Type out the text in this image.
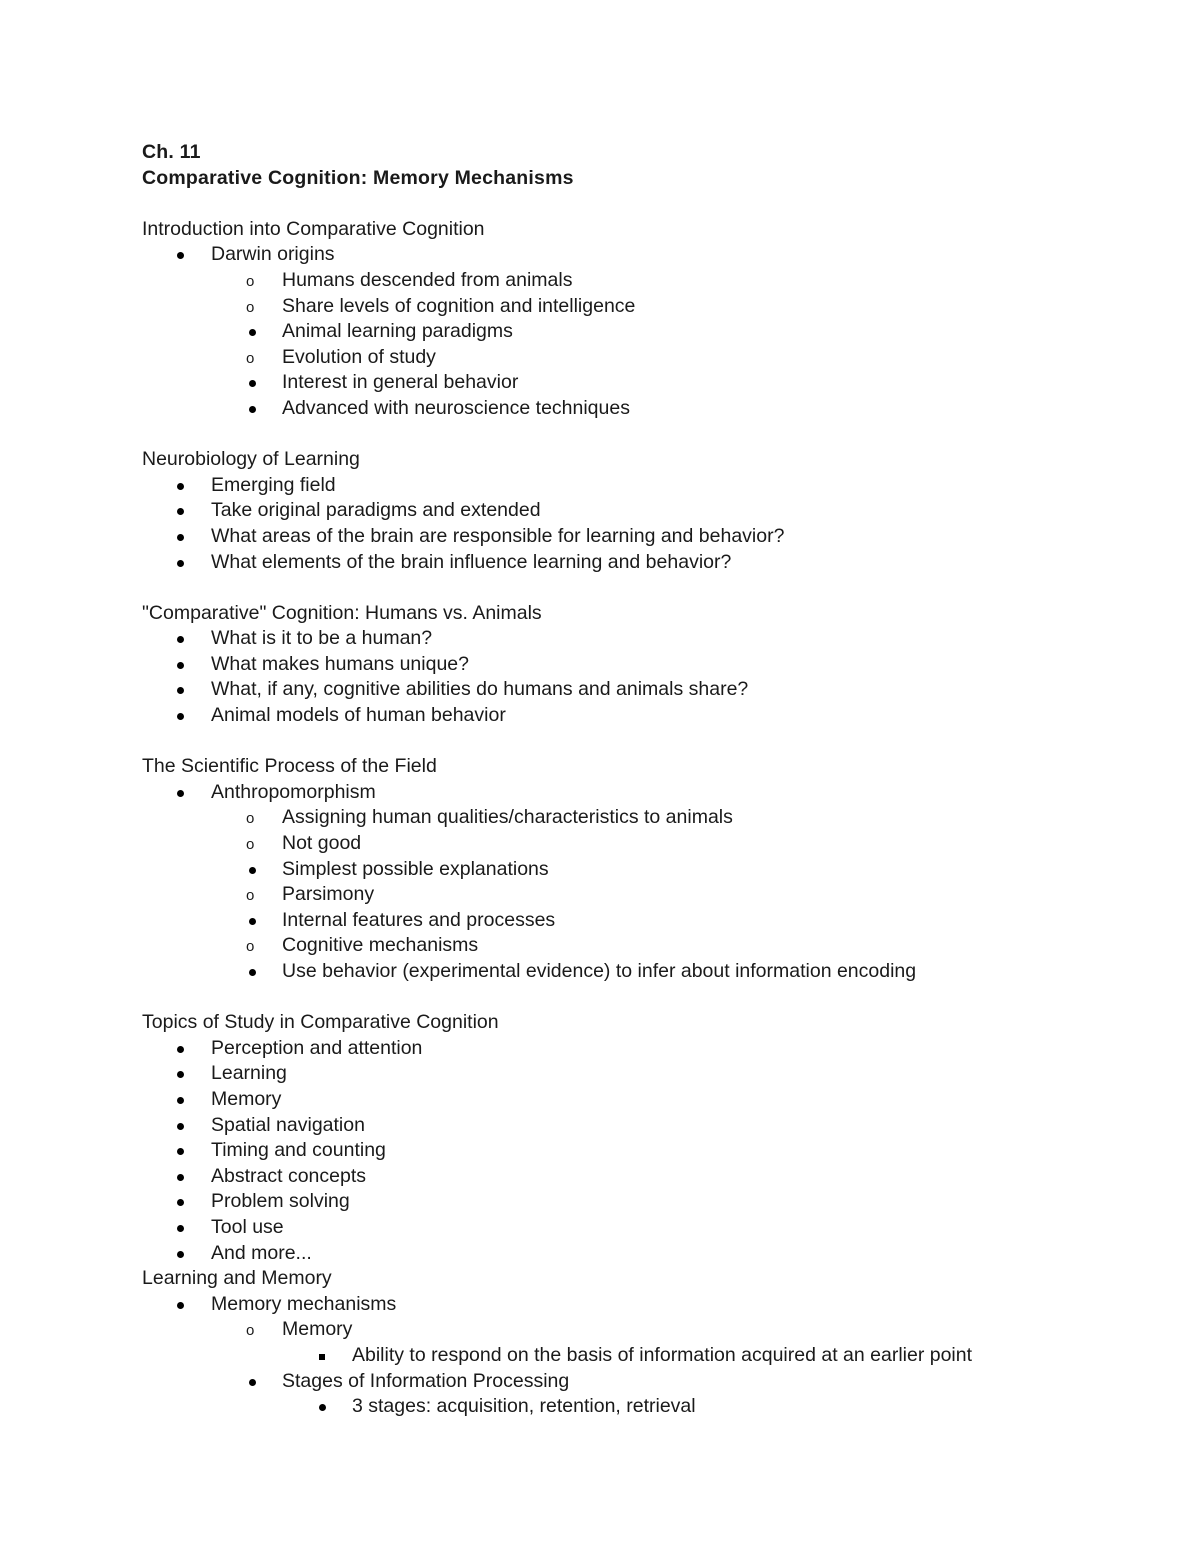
Ch. 11
Comparative Cognition: Memory Mechanisms
Introduction into Comparative Cognition
Darwin origins
o	Humans descended from animals
o	Share levels of cognition and intelligence
Animal learning paradigms
o	Evolution of study
Interest in general behavior
Advanced with neuroscience techniques
Neurobiology of Learning
Emerging field
Take original paradigms and extended
What areas of the brain are responsible for learning and behavior?
What elements of the brain influence learning and behavior?
"Comparative" Cognition: Humans vs. Animals
What is it to be a human?
What makes humans unique?
What, if any, cognitive abilities do humans and animals share?
Animal models of human behavior
The Scientific Process of the Field
Anthropomorphism
o	Assigning human qualities/characteristics to animals
o	Not good
Simplest possible explanations
o	Parsimony
Internal features and processes
o	Cognitive mechanisms
Use behavior (experimental evidence) to infer about information encoding
Topics of Study in Comparative Cognition
Perception and attention
Learning
Memory
Spatial navigation
Timing and counting
Abstract concepts
Problem solving
Tool use
And more...
Learning and Memory
Memory mechanisms
o	Memory
Ability to respond on the basis of information acquired at an earlier point
Stages of Information Processing
3 stages: acquisition, retention, retrieval
